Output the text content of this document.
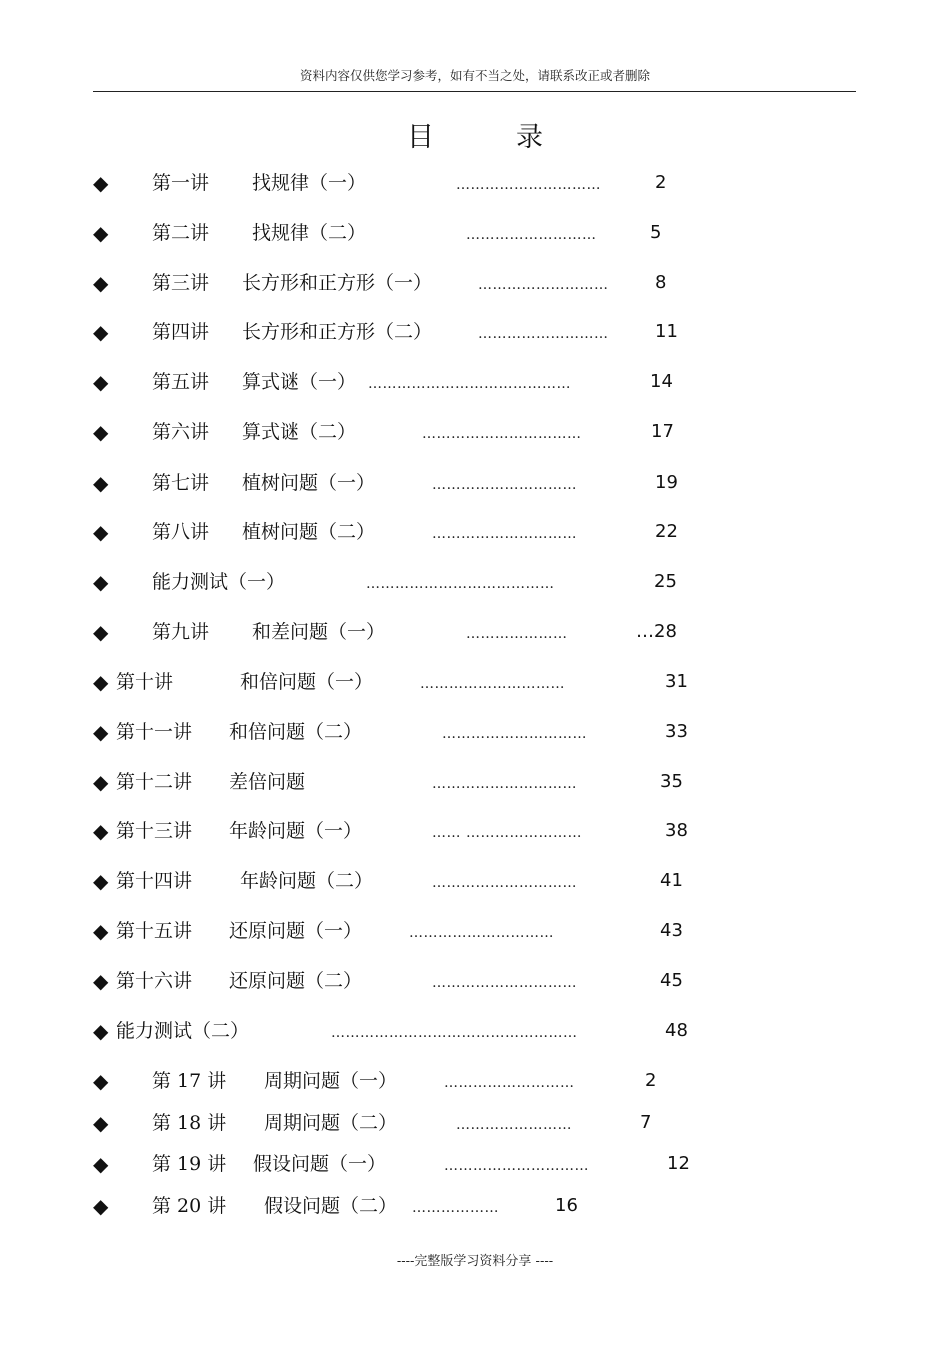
资料内容仅供您学习参考，如有不当之处，请联系改正或者删除
目	录
◆ 第一讲 找规律（一）	…………………………	2
◆ 第二讲 找规律（二）	………………………	5
◆ 第三讲 长方形和正方形（一）	………………………	8
◆ 第四讲 长方形和正方形（二）	………………………	11
◆ 第五讲 算式谜（一） ……………………………………	14
◆ 第六讲 算式谜（二）	……………………………	17
◆ 第七讲 植树问题（一）	…………………………	19
◆ 第八讲 植树问题（二）	…………………………	22
◆ 能力测试（一）	…………………………………	25
◆ 第九讲 和差问题（一）	…………………	…28
◆ 第十讲	和倍问题（一）	…………………………	31
◆ 第十一讲 和倍问题（二）	…………………………	33
◆ 第十二讲 差倍问题	…………………………	35
◆ 第十三讲 年龄问题（一）	…… ……………………	38
◆ 第十四讲	年龄问题（二）	…………………………	41
◆ 第十五讲 还原问题（一）	…………………………	43
◆ 第十六讲 还原问题（二）	…………………………	45
◆ 能力测试（二）	……………………………………………	48
◆ 第 17 讲 周期问题（一）	………………………	2
◆ 第 18 讲 周期问题（二）	……………………	7
◆ 第 19 讲 假设问题（一）	…………………………	12
◆ 第 20 讲 假设问题（二） ………………	16
----完整版学习资料分享 ----
